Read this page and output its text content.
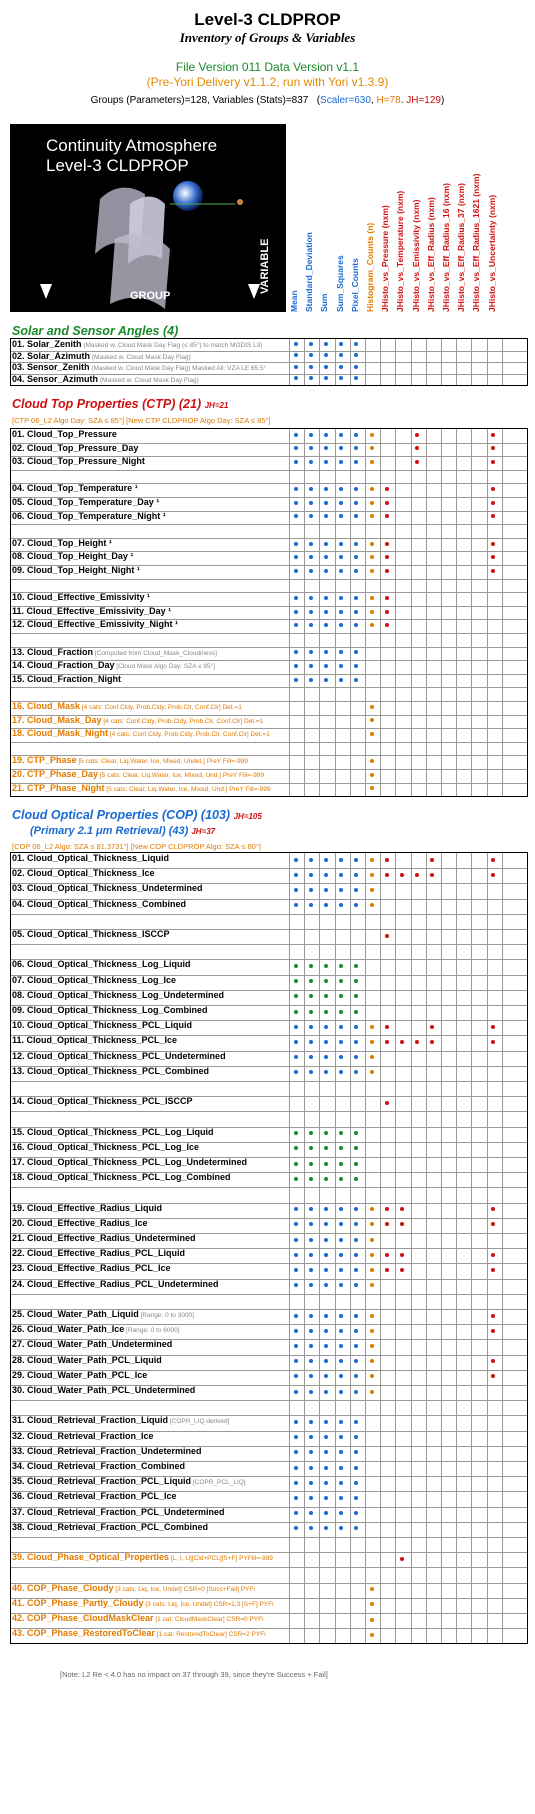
Level-3 CLDPROP
Inventory of Groups & Variables
File Version 011 Data Version v1.1
(Pre-Yori Delivery v1.1.2, run with Yori v1.3.9)
Groups (Parameters)=128, Variables (Stats)=837   (Scaler=630, H=78. JH=129)
Continuity Atmosphere
Level-3 CLDPROP
GROUP
VARIABLE
Mean Standard_Deviation Sum Sum_Squares Pixel_Counts Histogram_Counts (n) JHisto_vs_Pressure (nxm) JHisto_vs_Temperature (nxm) JHisto_vs_Emissivity (nxm) JHisto_vs_Eff_Radius (nxm) JHisto_vs_Eff_Radius_16 (nxm) JHisto_vs_Eff_Radius_37 (nxm) JHisto_vs_Eff_Radius_1621 (nxm) JHisto_vs_Uncertainty (nxm)
Solar and Sensor Angles (4)
Cloud Top Properties (CTP) (21) JH=21
[CTP 06_L2 Algo Day: SZA ≤ 85°] [New CTP CLDPROP Algo Day: SZA ≤ 85°]
Cloud Optical Properties (COP) (103) JH=105
(Primary 2.1 μm Retrieval) (43) JH=37
[COP 06_L2 Algo: SZA ≤ 81.3731°] [New COP CLDPROP Algo: SZA ≤ 80°]
[Note: L2 Re < 4.0 has no impact on 37 through 39, since they're Success + Fail]
01. Solar_Zenith (Masked w. Cloud Mask Day Flag (≤ 85°) to match MODIS L3)
02. Solar_Azimuth (Masked w. Cloud Mask Day Flag)
03. Sensor_Zenith (Masked w. Cloud Mask Day Flag) Masked All: VZA LE 65.5°
04. Sensor_Azimuth (Masked w. Cloud Mask Day Flag)
01. Cloud_Top_Pressure
02. Cloud_Top_Pressure_Day
03. Cloud_Top_Pressure_Night
04. Cloud_Top_Temperature ¹
05. Cloud_Top_Temperature_Day ¹
06. Cloud_Top_Temperature_Night ¹
07. Cloud_Top_Height ¹
08. Cloud_Top_Height_Day ¹
09. Cloud_Top_Height_Night ¹
10. Cloud_Effective_Emissivity ¹
11. Cloud_Effective_Emissivity_Day ¹
12. Cloud_Effective_Emissivity_Night ¹
13. Cloud_Fraction [Computed from Cloud_Mask_Cloudiness]
14. Cloud_Fraction_Day [Cloud Mask Algo Day: SZA ≤ 85°]
15. Cloud_Fraction_Night
16. Cloud_Mask [4 cats: Conf.Cldy, Prob.Cldy, Prob.Clr, Conf.Clr] Det.=1
17. Cloud_Mask_Day [4 cats: Conf.Cldy, Prob.Cldy, Prob.Clr, Conf.Clr] Det.=1
18. Cloud_Mask_Night [4 cats: Conf.Cldy, Prob.Cldy, Prob.Clr, Conf.Clr] Det.=1
19. CTP_Phase [5 cats: Clear, Liq.Water, Ice, Mixed, Undet.] PreY Fill=-999
20. CTP_Phase_Day [5 cats: Clear, Liq.Water, Ice, Mixed, Und.] PreY Fill=-999
21. CTP_Phase_Night [5 cats: Clear, Liq.Water, Ice, Mixed, Und.] PreY Fill=-999
01. Cloud_Optical_Thickness_Liquid
02. Cloud_Optical_Thickness_Ice
03. Cloud_Optical_Thickness_Undetermined
04. Cloud_Optical_Thickness_Combined
05. Cloud_Optical_Thickness_ISCCP
06. Cloud_Optical_Thickness_Log_Liquid
07. Cloud_Optical_Thickness_Log_Ice
08. Cloud_Optical_Thickness_Log_Undetermined
09. Cloud_Optical_Thickness_Log_Combined
10. Cloud_Optical_Thickness_PCL_Liquid
11. Cloud_Optical_Thickness_PCL_Ice
12. Cloud_Optical_Thickness_PCL_Undetermined
13. Cloud_Optical_Thickness_PCL_Combined
14. Cloud_Optical_Thickness_PCL_ISCCP
15. Cloud_Optical_Thickness_PCL_Log_Liquid
16. Cloud_Optical_Thickness_PCL_Log_Ice
17. Cloud_Optical_Thickness_PCL_Log_Undetermined
18. Cloud_Optical_Thickness_PCL_Log_Combined
19. Cloud_Effective_Radius_Liquid
20. Cloud_Effective_Radius_Ice
21. Cloud_Effective_Radius_Undetermined
22. Cloud_Effective_Radius_PCL_Liquid
23. Cloud_Effective_Radius_PCL_Ice
24. Cloud_Effective_Radius_PCL_Undetermined
25. Cloud_Water_Path_Liquid [Range: 0 to 3000]
26. Cloud_Water_Path_Ice [Range: 0 to 6000]
27. Cloud_Water_Path_Undetermined
28. Cloud_Water_Path_PCL_Liquid
29. Cloud_Water_Path_PCL_Ice
30. Cloud_Water_Path_PCL_Undetermined
31. Cloud_Retrieval_Fraction_Liquid [COPR_LIQ derived]
32. Cloud_Retrieval_Fraction_Ice
33. Cloud_Retrieval_Fraction_Undetermined
34. Cloud_Retrieval_Fraction_Combined
35. Cloud_Retrieval_Fraction_PCL_Liquid [COPR_PCL_LIQ]
36. Cloud_Retrieval_Fraction_PCL_Ice
37. Cloud_Retrieval_Fraction_PCL_Undetermined
38. Cloud_Retrieval_Fraction_PCL_Combined
39. Cloud_Phase_Optical_Properties [L, I, U][Cld+PCL][S+F] PYFill=-999
40. COP_Phase_Cloudy [3 cats: Liq, Ice, Undet] CSR=0 [Succ+Fail] PYFi
41. COP_Phase_Partly_Cloudy [3 cats: Liq, Ice, Undet] CSR=1,3 [S+F] PYFi
42. COP_Phase_CloudMaskClear [1 cat: CloudMaskClear] CSR=0 PYFi
43. COP_Phase_RestoredToClear [1 cat: RestoredToClear] CSR=2 PYFi
